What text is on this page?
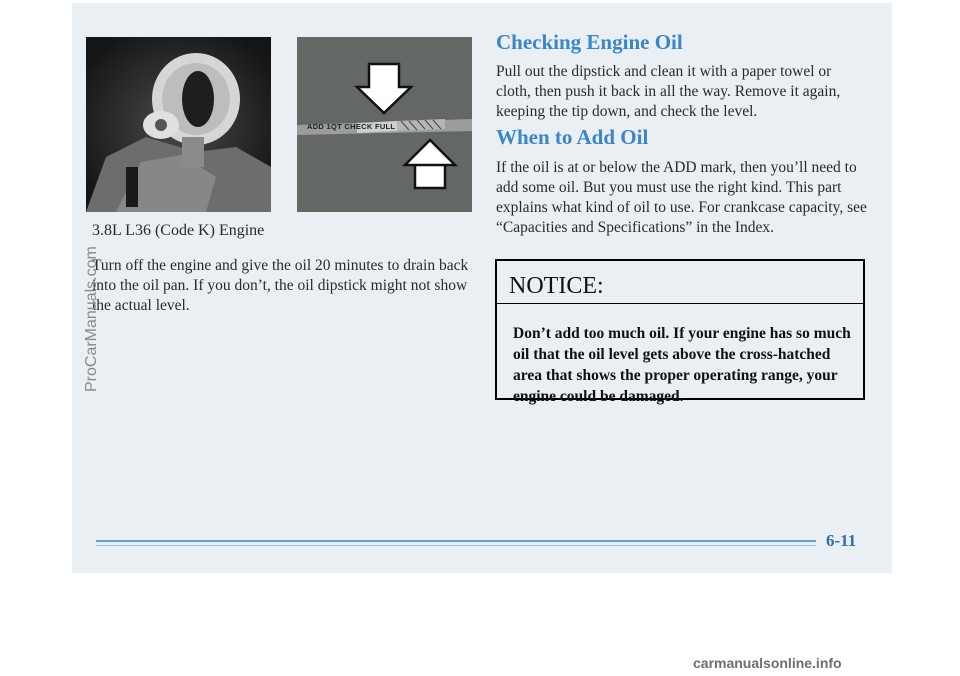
ADD 1QT CHECK FULL
3.8L L36 (Code K) Engine
Turn off the engine and give the oil 20 minutes to drain back into the oil pan. If you don’t, the oil dipstick might not show the actual level.
Checking Engine Oil
Pull out the dipstick and clean it with a paper towel or cloth, then push it back in all the way. Remove it again, keeping the tip down, and check the level.
When to Add Oil
If the oil is at or below the ADD mark, then you’ll need to add some oil. But you must use the right kind. This part explains what kind of oil to use. For crankcase capacity, see “Capacities and Specifications” in the Index.
NOTICE:
Don’t add too much oil. If your engine has so much oil that the oil level gets above the cross-hatched area that shows the proper operating range, your engine could be damaged.
6-11
ProCarManuals.com
carmanualsonline.info
